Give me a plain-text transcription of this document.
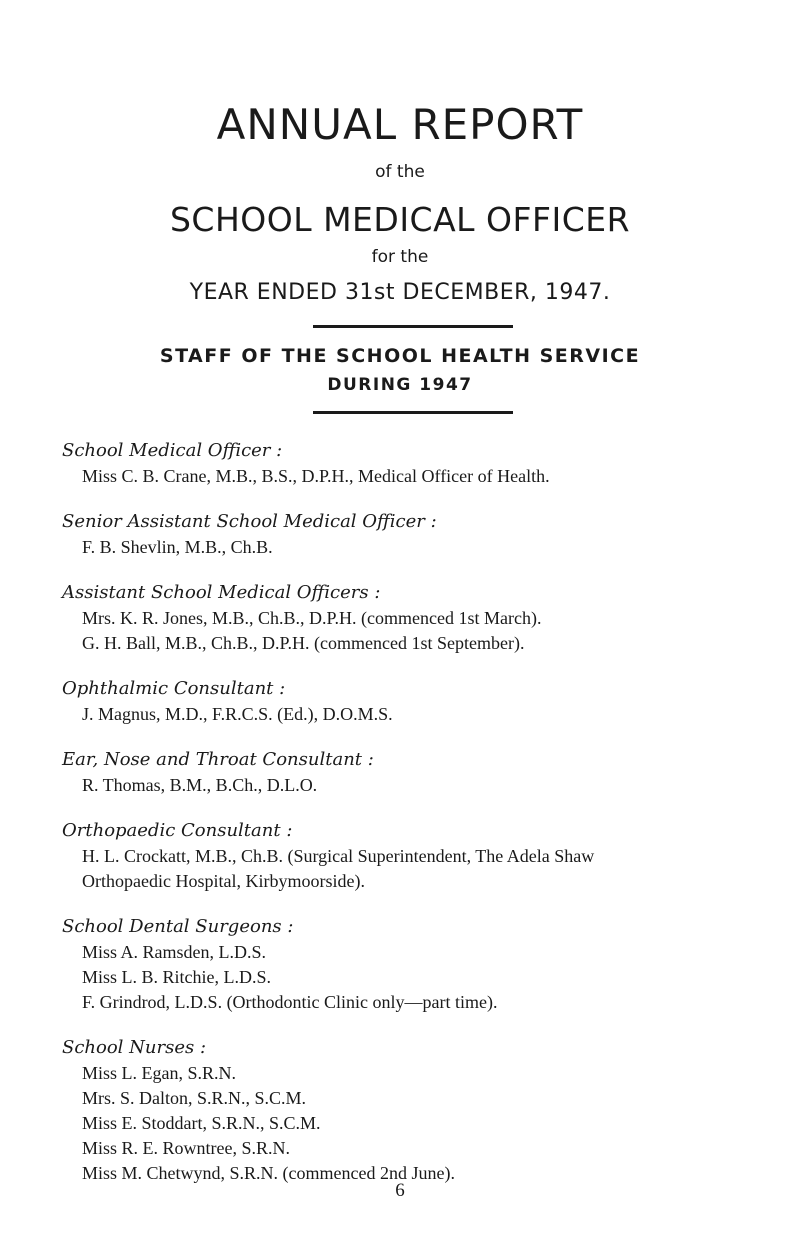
ANNUAL REPORT
of the
SCHOOL MEDICAL OFFICER
for the
YEAR ENDED 31st DECEMBER, 1947.
STAFF OF THE SCHOOL HEALTH SERVICE
DURING 1947
School Medical Officer :
Miss C. B. Crane, M.B., B.S., D.P.H., Medical Officer of Health.
Senior Assistant School Medical Officer :
F. B. Shevlin, M.B., Ch.B.
Assistant School Medical Officers :
Mrs. K. R. Jones, M.B., Ch.B., D.P.H. (commenced 1st March).
G. H. Ball, M.B., Ch.B., D.P.H. (commenced 1st September).
Ophthalmic Consultant :
J. Magnus, M.D., F.R.C.S. (Ed.), D.O.M.S.
Ear, Nose and Throat Consultant :
R. Thomas, B.M., B.Ch., D.L.O.
Orthopaedic Consultant :
H. L. Crockatt, M.B., Ch.B. (Surgical Superintendent, The Adela Shaw
Orthopaedic Hospital, Kirbymoorside).
School Dental Surgeons :
Miss A. Ramsden, L.D.S.
Miss L. B. Ritchie, L.D.S.
F. Grindrod, L.D.S. (Orthodontic Clinic only—part time).
School Nurses :
Miss L. Egan, S.R.N.
Mrs. S. Dalton, S.R.N., S.C.M.
Miss E. Stoddart, S.R.N., S.C.M.
Miss R. E. Rowntree, S.R.N.
Miss M. Chetwynd, S.R.N. (commenced 2nd June).
6
